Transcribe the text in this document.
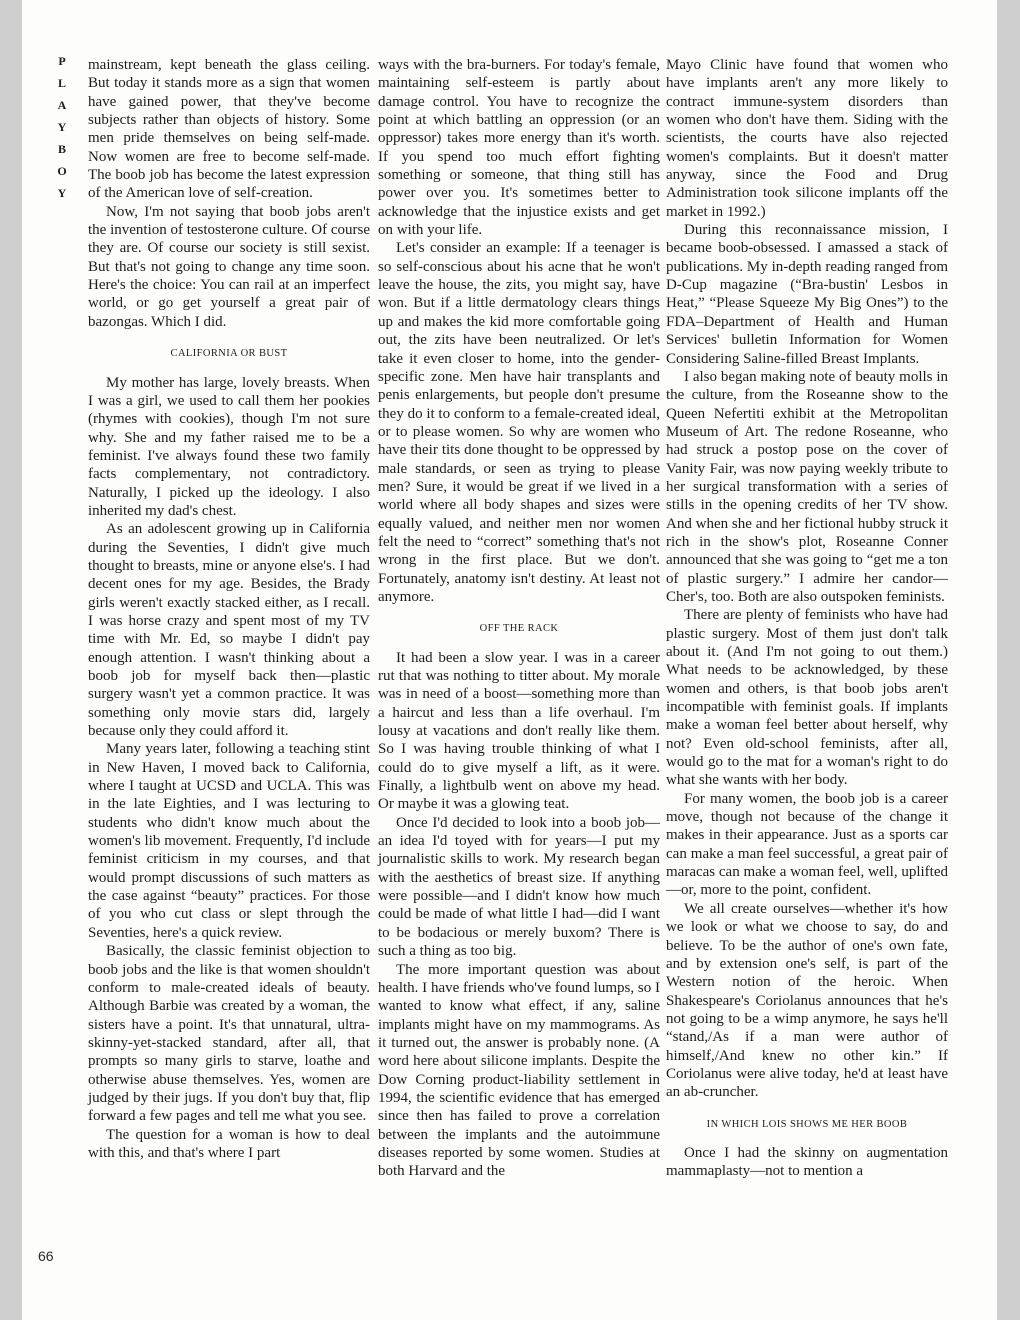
P
L
A
Y
B
O
Y
66

mainstream, kept beneath the glass ceiling. But today it stands more as a sign that women have gained power, that they've become subjects rather than objects of history. Some men pride themselves on being self-made. Now women are free to become self-made. The boob job has become the latest expression of the American love of self-creation.

Now, I'm not saying that boob jobs aren't the invention of testosterone culture. Of course they are. Of course our society is still sexist. But that's not going to change any time soon. Here's the choice: You can rail at an imperfect world, or go get yourself a great pair of bazongas. Which I did.

CALIFORNIA OR BUST

My mother has large, lovely breasts. When I was a girl, we used to call them her pookies (rhymes with cookies), though I'm not sure why. She and my father raised me to be a feminist. I've always found these two family facts complementary, not contradictory. Naturally, I picked up the ideology. I also inherited my dad's chest.

As an adolescent growing up in California during the Seventies, I didn't give much thought to breasts, mine or anyone else's. I had decent ones for my age. Besides, the Brady girls weren't exactly stacked either, as I recall. I was horse crazy and spent most of my TV time with Mr. Ed, so maybe I didn't pay enough attention. I wasn't thinking about a boob job for myself back then—plastic surgery wasn't yet a common practice. It was something only movie stars did, largely because only they could afford it.

Many years later, following a teaching stint in New Haven, I moved back to California, where I taught at UCSD and UCLA. This was in the late Eighties, and I was lecturing to students who didn't know much about the women's lib movement. Frequently, I'd include feminist criticism in my courses, and that would prompt discussions of such matters as the case against “beauty” practices. For those of you who cut class or slept through the Seventies, here's a quick review.

Basically, the classic feminist objection to boob jobs and the like is that women shouldn't conform to male-created ideals of beauty. Although Barbie was created by a woman, the sisters have a point. It's that unnatural, ultra-skinny-yet-stacked standard, after all, that prompts so many girls to starve, loathe and otherwise abuse themselves. Yes, women are judged by their jugs. If you don't buy that, flip forward a few pages and tell me what you see.

The question for a woman is how to deal with this, and that's where I part

ways with the bra-burners. For today's female, maintaining self-esteem is partly about damage control. You have to recognize the point at which battling an oppression (or an oppressor) takes more energy than it's worth. If you spend too much effort fighting something or someone, that thing still has power over you. It's sometimes better to acknowledge that the injustice exists and get on with your life.

Let's consider an example: If a teenager is so self-conscious about his acne that he won't leave the house, the zits, you might say, have won. But if a little dermatology clears things up and makes the kid more comfortable going out, the zits have been neutralized. Or let's take it even closer to home, into the gender-specific zone. Men have hair transplants and penis enlargements, but people don't presume they do it to conform to a female-created ideal, or to please women. So why are women who have their tits done thought to be oppressed by male standards, or seen as trying to please men? Sure, it would be great if we lived in a world where all body shapes and sizes were equally valued, and neither men nor women felt the need to “correct” something that's not wrong in the first place. But we don't. Fortunately, anatomy isn't destiny. At least not anymore.

OFF THE RACK

It had been a slow year. I was in a career rut that was nothing to titter about. My morale was in need of a boost—something more than a haircut and less than a life overhaul. I'm lousy at vacations and don't really like them. So I was having trouble thinking of what I could do to give myself a lift, as it were. Finally, a lightbulb went on above my head. Or maybe it was a glowing teat.

Once I'd decided to look into a boob job—an idea I'd toyed with for years—I put my journalistic skills to work. My research began with the aesthetics of breast size. If anything were possible—and I didn't know how much could be made of what little I had—did I want to be bodacious or merely buxom? There is such a thing as too big.

The more important question was about health. I have friends who've found lumps, so I wanted to know what effect, if any, saline implants might have on my mammograms. As it turned out, the answer is probably none. (A word here about silicone implants. Despite the Dow Corning product-liability settlement in 1994, the scientific evidence that has emerged since then has failed to prove a correlation between the implants and the autoimmune diseases reported by some women. Studies at both Harvard and the

Mayo Clinic have found that women who have implants aren't any more likely to contract immune-system disorders than women who don't have them. Siding with the scientists, the courts have also rejected women's complaints. But it doesn't matter anyway, since the Food and Drug Administration took silicone implants off the market in 1992.)

During this reconnaissance mission, I became boob-obsessed. I amassed a stack of publications. My in-depth reading ranged from D-Cup magazine (“Bra-bustin' Lesbos in Heat,” “Please Squeeze My Big Ones”) to the FDA–Department of Health and Human Services' bulletin Information for Women Considering Saline-filled Breast Implants.

I also began making note of beauty molls in the culture, from the Roseanne show to the Queen Nefertiti exhibit at the Metropolitan Museum of Art. The redone Roseanne, who had struck a postop pose on the cover of Vanity Fair, was now paying weekly tribute to her surgical transformation with a series of stills in the opening credits of her TV show. And when she and her fictional hubby struck it rich in the show's plot, Roseanne Conner announced that she was going to “get me a ton of plastic surgery.” I admire her candor—Cher's, too. Both are also outspoken feminists.

There are plenty of feminists who have had plastic surgery. Most of them just don't talk about it. (And I'm not going to out them.) What needs to be acknowledged, by these women and others, is that boob jobs aren't incompatible with feminist goals. If implants make a woman feel better about herself, why not? Even old-school feminists, after all, would go to the mat for a woman's right to do what she wants with her body.

For many women, the boob job is a career move, though not because of the change it makes in their appearance. Just as a sports car can make a man feel successful, a great pair of maracas can make a woman feel, well, uplifted—or, more to the point, confident.

We all create ourselves—whether it's how we look or what we choose to say, do and believe. To be the author of one's own fate, and by extension one's self, is part of the Western notion of the heroic. When Shakespeare's Coriolanus announces that he's not going to be a wimp anymore, he says he'll “stand,/As if a man were author of himself,/And knew no other kin.” If Coriolanus were alive today, he'd at least have an ab-cruncher.

IN WHICH LOIS SHOWS ME HER BOOB

Once I had the skinny on augmentation mammaplasty—not to mention a
